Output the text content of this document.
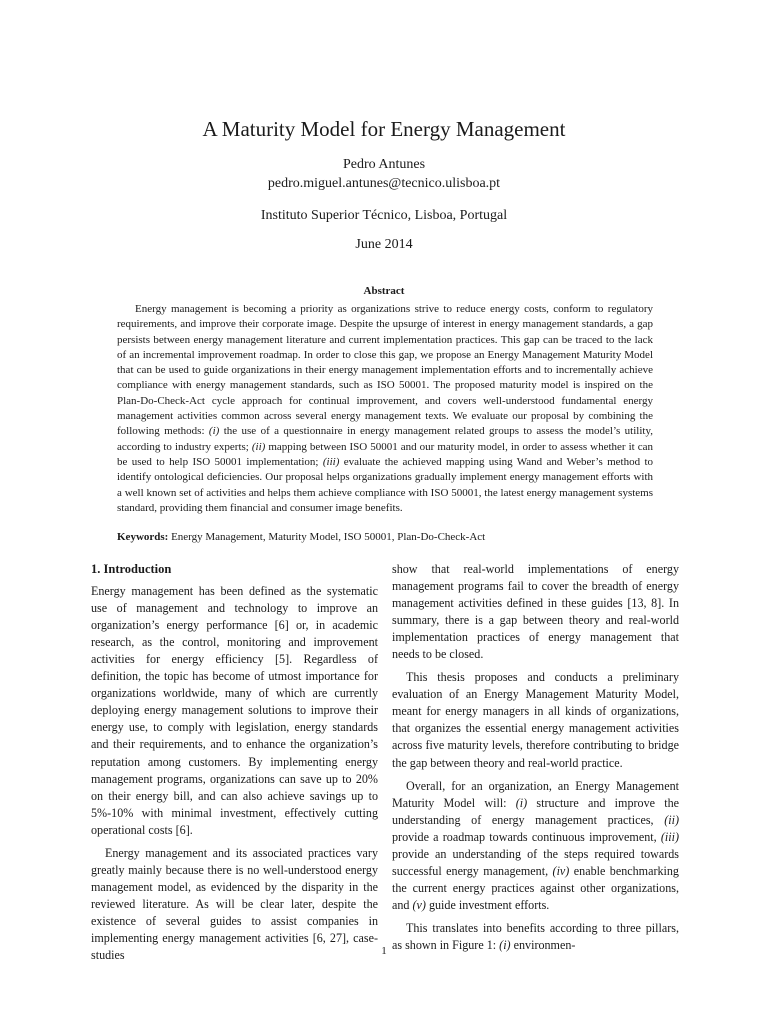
A Maturity Model for Energy Management
Pedro Antunes
pedro.miguel.antunes@tecnico.ulisboa.pt
Instituto Superior Técnico, Lisboa, Portugal
June 2014
Abstract
Energy management is becoming a priority as organizations strive to reduce energy costs, conform to regulatory requirements, and improve their corporate image. Despite the upsurge of interest in energy management standards, a gap persists between energy management literature and current implementation practices. This gap can be traced to the lack of an incremental improvement roadmap. In order to close this gap, we propose an Energy Management Maturity Model that can be used to guide organizations in their energy management implementation efforts and to incrementally achieve compliance with energy management standards, such as ISO 50001. The proposed maturity model is inspired on the Plan-Do-Check-Act cycle approach for continual improvement, and covers well-understood fundamental energy management activities common across several energy management texts. We evaluate our proposal by combining the following methods: (i) the use of a questionnaire in energy management related groups to assess the model’s utility, according to industry experts; (ii) mapping between ISO 50001 and our maturity model, in order to assess whether it can be used to help ISO 50001 implementation; (iii) evaluate the achieved mapping using Wand and Weber’s method to identify ontological deficiencies. Our proposal helps organizations gradually implement energy management efforts with a well known set of activities and helps them achieve compliance with ISO 50001, the latest energy management systems standard, providing them financial and consumer image benefits.
Keywords: Energy Management, Maturity Model, ISO 50001, Plan-Do-Check-Act
1. Introduction

Energy management has been defined as the systematic use of management and technology to improve an organization’s energy performance [6] or, in academic research, as the control, monitoring and improvement activities for energy efficiency [5]. Regardless of definition, the topic has become of utmost importance for organizations worldwide, many of which are currently deploying energy management solutions to improve their energy use, to comply with legislation, energy standards and their requirements, and to enhance the organization’s reputation among customers. By implementing energy management programs, organizations can save up to 20% on their energy bill, and can also achieve savings up to 5%-10% with minimal investment, effectively cutting operational costs [6].

Energy management and its associated practices vary greatly mainly because there is no well-understood energy management model, as evidenced by the disparity in the reviewed literature. As will be clear later, despite the existence of several guides to assist companies in implementing energy management activities [6, 27], case-studies

show that real-world implementations of energy management programs fail to cover the breadth of energy management activities defined in these guides [13, 8]. In summary, there is a gap between theory and real-world implementation practices of energy management that needs to be closed.

This thesis proposes and conducts a preliminary evaluation of an Energy Management Maturity Model, meant for energy managers in all kinds of organizations, that organizes the essential energy management activities across five maturity levels, therefore contributing to bridge the gap between theory and real-world practice.

Overall, for an organization, an Energy Management Maturity Model will: (i) structure and improve the understanding of energy management practices, (ii) provide a roadmap towards continuous improvement, (iii) provide an understanding of the steps required towards successful energy management, (iv) enable benchmarking the current energy practices against other organizations, and (v) guide investment efforts.

This translates into benefits according to three pillars, as shown in Figure 1: (i) environmen-

1
